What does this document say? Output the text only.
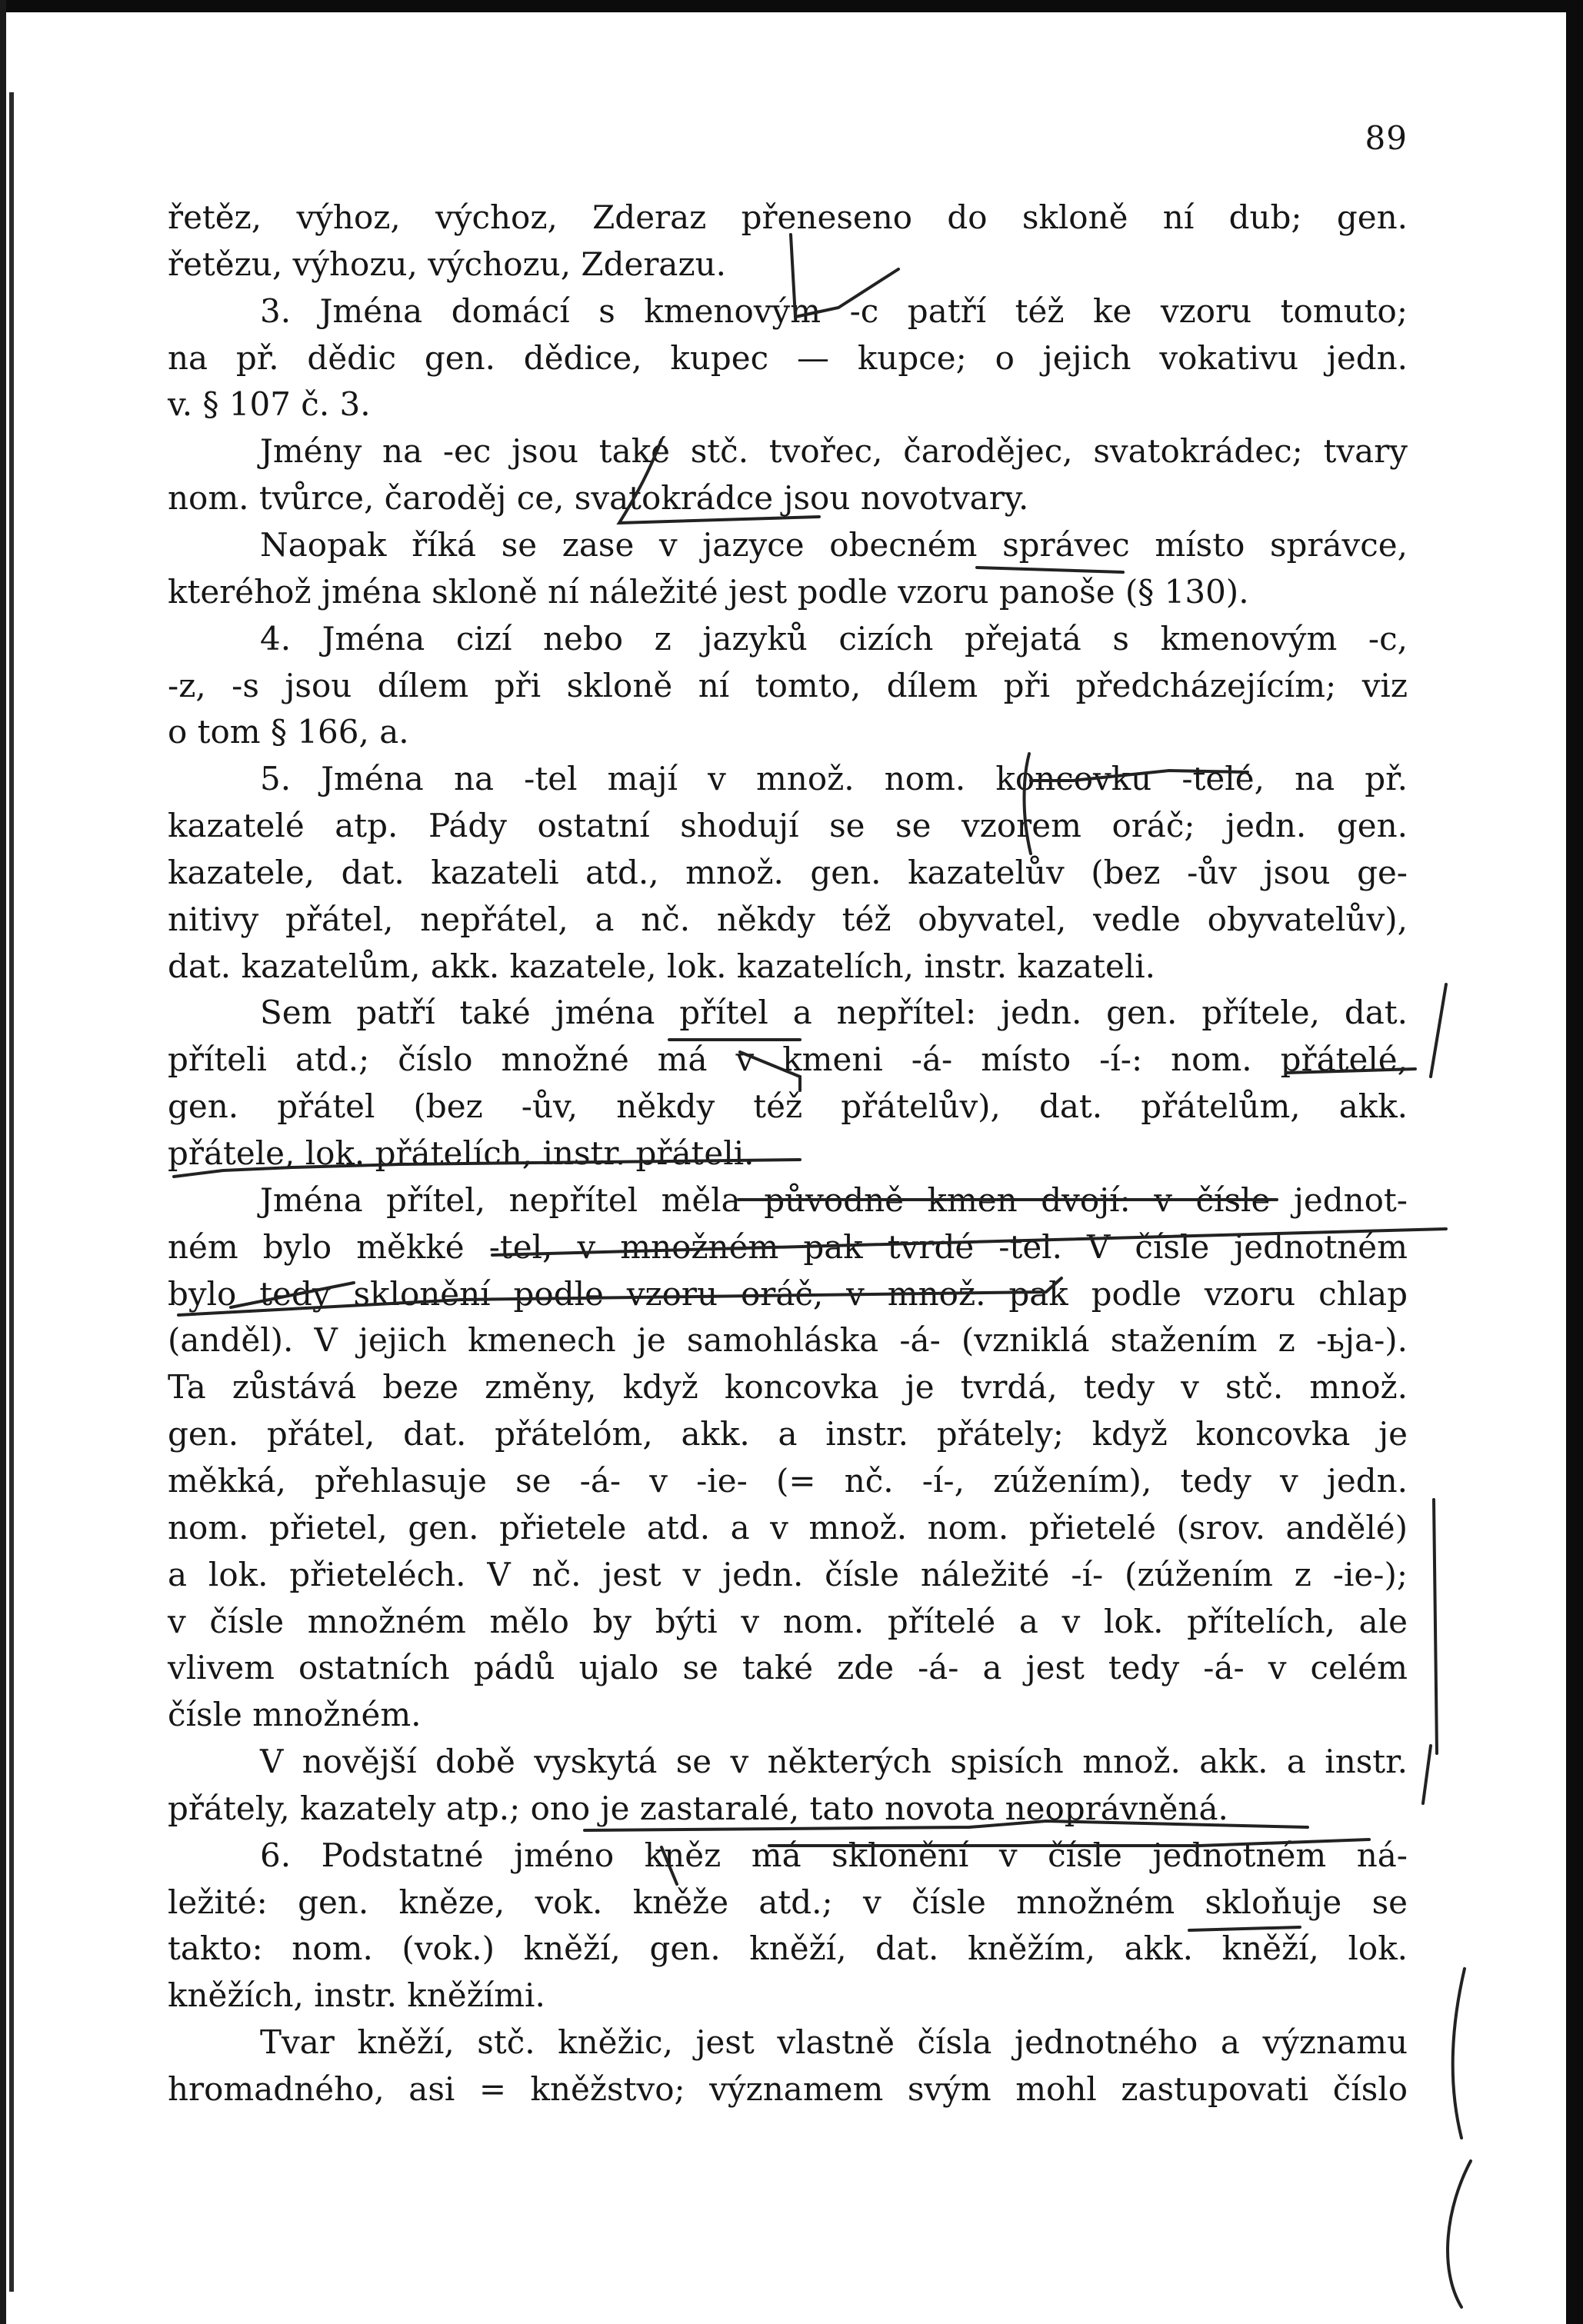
89
řetěz, výhoz, výchoz, Zderaz přeneseno do skloně ní dub; gen.
řetězu, výhozu, výchozu, Zderazu.
3. Jména domácí s kmenovým -c patří též ke vzoru tomuto;
na př. dědic gen. dědice, kupec — kupce; o jejich vokativu jedn.
v. § 107 č. 3.
Jmény na -ec jsou také stč. tvořec, čarodějec, svatokrádec; tvary
nom. tvůrce, čaroděj ce, svatokrádce jsou novotvary.
Naopak říká se zase v jazyce obecném správec místo správce,
kteréhož jména skloně ní náležité jest podle vzoru panoše (§ 130).
4. Jména cizí nebo z jazyků cizích přejatá s kmenovým -c,
-z, -s jsou dílem při skloně ní tomto, dílem při předcházejícím; viz
o tom § 166, a.
5. Jména na -tel mají v množ. nom. koncovku -telé, na př.
kazatelé atp. Pády ostatní shodují se se vzorem oráč; jedn. gen.
kazatele, dat. kazateli atd., množ. gen. kazatelův (bez -ův jsou ge-
nitivy přátel, nepřátel, a nč. někdy též obyvatel, vedle obyvatelův),
dat. kazatelům, akk. kazatele, lok. kazatelích, instr. kazateli.
Sem patří také jména přítel a nepřítel: jedn. gen. přítele, dat.
příteli atd.; číslo množné má v kmeni -á- místo -í-: nom. přátelé,
gen. přátel (bez -ův, někdy též přátelův), dat. přátelům, akk.
přátele, lok. přátelích, instr. přáteli.
Jména přítel, nepřítel měla původně kmen dvojí: v čísle jednot-
ném bylo měkké -tel, v množném pak tvrdé -tel. V čísle jednotném
bylo tedy sklonění podle vzoru oráč, v množ. pak podle vzoru chlap
(anděl). V jejich kmenech je samohláska -á- (vzniklá stažením z -ьja-).
Ta zůstává beze změny, když koncovka je tvrdá, tedy v stč. množ.
gen. přátel, dat. přátelóm, akk. a instr. přátely; když koncovka je
měkká, přehlasuje se -á- v -ie- (= nč. -í-, zúžením), tedy v jedn.
nom. přietel, gen. přietele atd. a v množ. nom. přietelé (srov. andělé)
a lok. přieteléch. V nč. jest v jedn. čísle náležité -í- (zúžením z -ie-);
v čísle množném mělo by býti v nom. přítelé a v lok. přítelích, ale
vlivem ostatních pádů ujalo se také zde -á- a jest tedy -á- v celém
čísle množném.
V novější době vyskytá se v některých spisích množ. akk. a instr.
přátely, kazately atp.; ono je zastaralé, tato novota neoprávněná.
6. Podstatné jméno kněz má sklonění v čísle jednotném ná-
ležité: gen. kněze, vok. kněže atd.; v čísle množném skloňuje se
takto: nom. (vok.) kněží, gen. kněží, dat. kněžím, akk. kněží, lok.
kněžích, instr. kněžími.
Tvar kněží, stč. kněžic, jest vlastně čísla jednotného a významu
hromadného, asi = kněžstvo; významem svým mohl zastupovati číslo
